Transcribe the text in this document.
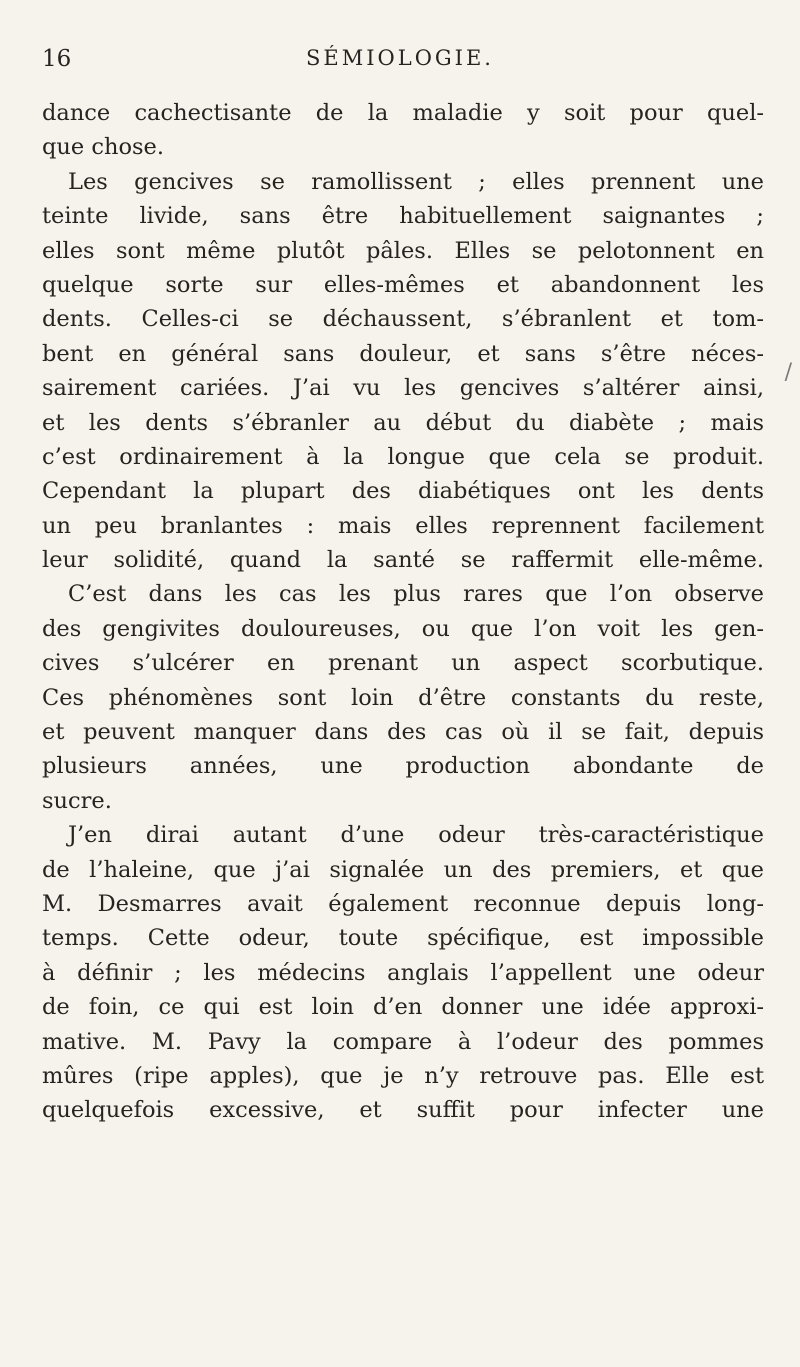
16	SÉMIOLOGIE.
dance cachectisante de la maladie y soit pour quel-
que chose.
Les gencives se ramollissent ; elles prennent une
teinte livide, sans être habituellement saignantes ;
elles sont même plutôt pâles. Elles se pelotonnent en
quelque sorte sur elles-mêmes et abandonnent les
dents. Celles-ci se déchaussent, s’ébranlent et tom-
bent en général sans douleur, et sans s’être néces-
sairement cariées. J’ai vu les gencives s’altérer ainsi,
et les dents s’ébranler au début du diabète ; mais
c’est ordinairement à la longue que cela se produit.
Cependant la plupart des diabétiques ont les dents
un peu branlantes : mais elles reprennent facilement
leur solidité, quand la santé se raffermit elle-même.
C’est dans les cas les plus rares que l’on observe
des gengivites douloureuses, ou que l’on voit les gen-
cives s’ulcérer en prenant un aspect scorbutique.
Ces phénomènes sont loin d’être constants du reste,
et peuvent manquer dans des cas où il se fait, depuis
plusieurs années, une production abondante de
sucre.
J’en dirai autant d’une odeur très-caractéristique
de l’haleine, que j’ai signalée un des premiers, et que
M. Desmarres avait également reconnue depuis long-
temps. Cette odeur, toute spécifique, est impossible
à définir ; les médecins anglais l’appellent une odeur
de foin, ce qui est loin d’en donner une idée approxi-
mative. M. Pavy la compare à l’odeur des pommes
mûres (ripe apples), que je n’y retrouve pas. Elle est
quelquefois excessive, et suffit pour infecter une
/
